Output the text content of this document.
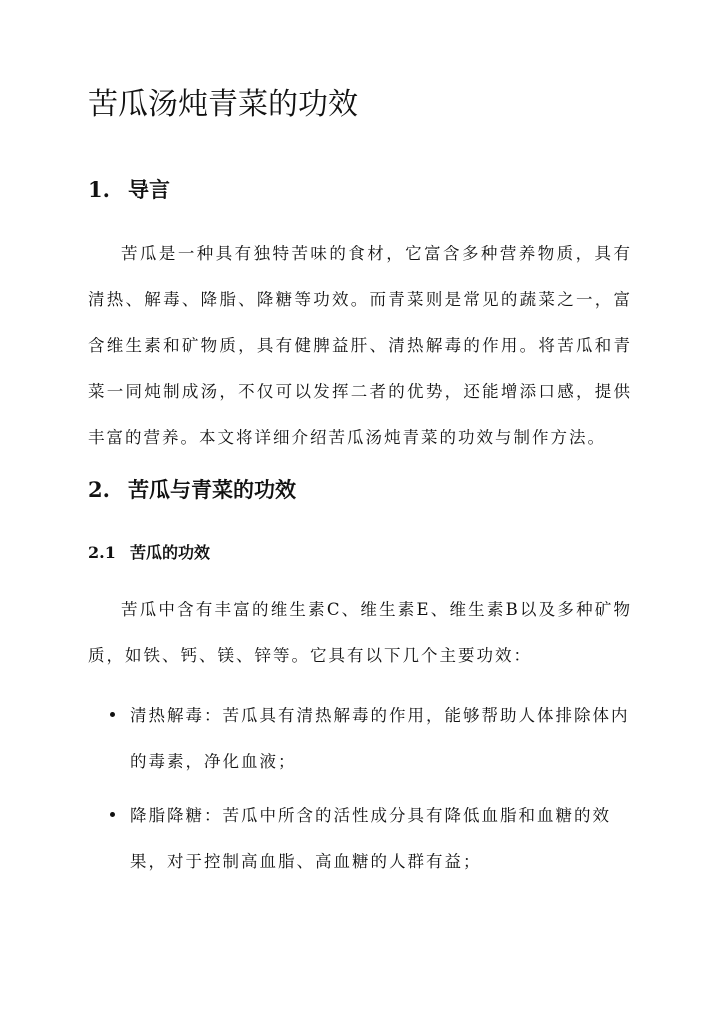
苦瓜汤炖青菜的功效
1. 导言

苦瓜是一种具有独特苦味的食材，它富含多种营养物质，具有清热、解毒、降脂、降糖等功效。而青菜则是常见的蔬菜之一，富含维生素和矿物质，具有健脾益肝、清热解毒的作用。将苦瓜和青菜一同炖制成汤，不仅可以发挥二者的优势，还能增添口感，提供丰富的营养。本文将详细介绍苦瓜汤炖青菜的功效与制作方法。

2. 苦瓜与青菜的功效
2.1 苦瓜的功效

苦瓜中含有丰富的维生素C、维生素E、维生素B以及多种矿物质，如铁、钙、镁、锌等。它具有以下几个主要功效：

清热解毒：苦瓜具有清热解毒的作用，能够帮助人体排除体内的毒素，净化血液；
降脂降糖：苦瓜中所含的活性成分具有降低血脂和血糖的效果，对于控制高血脂、高血糖的人群有益；
